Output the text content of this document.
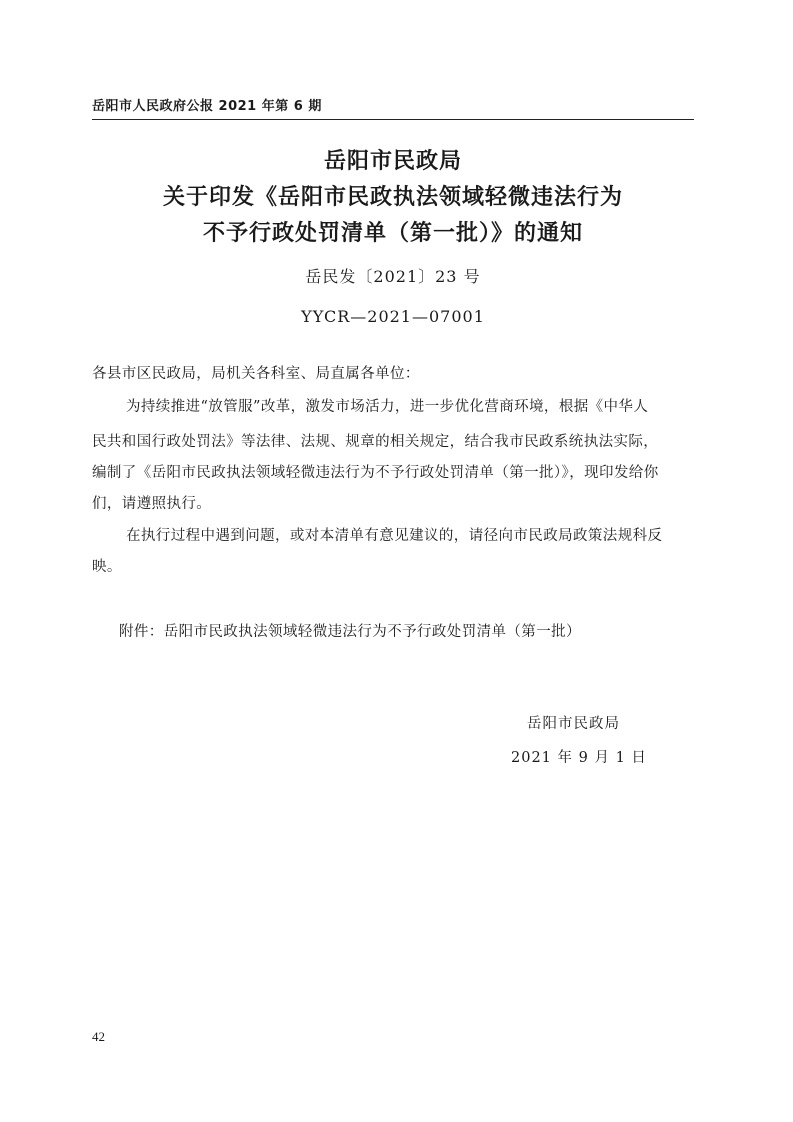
岳阳市人民政府公报 2021 年第 6 期
岳阳市民政局
关于印发《岳阳市民政执法领域轻微违法行为
不予行政处罚清单（第一批）》的通知
岳民发〔2021〕23 号
YYCR—2021—07001
各县市区民政局，局机关各科室、局直属各单位：
为持续推进“放管服”改革，激发市场活力，进一步优化营商环境，根据《中华人
民共和国行政处罚法》等法律、法规、规章的相关规定，结合我市民政系统执法实际，
编制了《岳阳市民政执法领域轻微违法行为不予行政处罚清单（第一批）》，现印发给你
们，请遵照执行。
在执行过程中遇到问题，或对本清单有意见建议的，请径向市民政局政策法规科反
映。
附件：岳阳市民政执法领域轻微违法行为不予行政处罚清单（第一批）
岳阳市民政局
2021 年 9 月 1 日
42
